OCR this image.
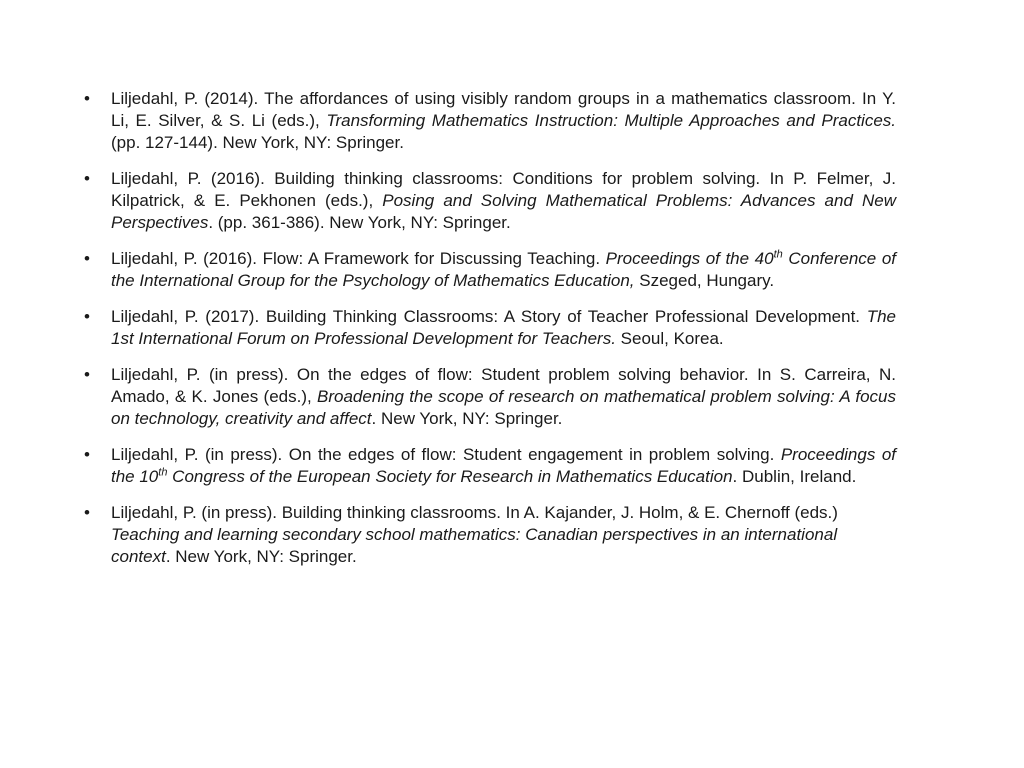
•	Liljedahl, P. (2014). The affordances of using visibly random groups in a mathematics classroom. In Y. Li, E. Silver, & S. Li (eds.), Transforming Mathematics Instruction: Multiple Approaches and Practices. (pp. 127-144). New York, NY: Springer.
•	Liljedahl, P. (2016). Building thinking classrooms: Conditions for problem solving. In P. Felmer, J. Kilpatrick, & E. Pekhonen (eds.), Posing and Solving Mathematical Problems: Advances and New Perspectives. (pp. 361-386). New York, NY: Springer.
•	Liljedahl, P. (2016). Flow: A Framework for Discussing Teaching. Proceedings of the 40th Conference of the International Group for the Psychology of Mathematics Education, Szeged, Hungary.
•	Liljedahl, P. (2017). Building Thinking Classrooms: A Story of Teacher Professional Development. The 1st International Forum on Professional Development for Teachers. Seoul, Korea.
•	Liljedahl, P. (in press). On the edges of flow: Student problem solving behavior. In S. Carreira, N. Amado, & K. Jones (eds.), Broadening the scope of research on mathematical problem solving: A focus on technology, creativity and affect. New York, NY: Springer.
•	Liljedahl, P. (in press). On the edges of flow: Student engagement in problem solving. Proceedings of the 10th Congress of the European Society for Research in Mathematics Education. Dublin, Ireland.
•	Liljedahl, P. (in press). Building thinking classrooms. In A. Kajander, J. Holm, & E. Chernoff (eds.) Teaching and learning secondary school mathematics: Canadian perspectives in an international context. New York, NY: Springer.
